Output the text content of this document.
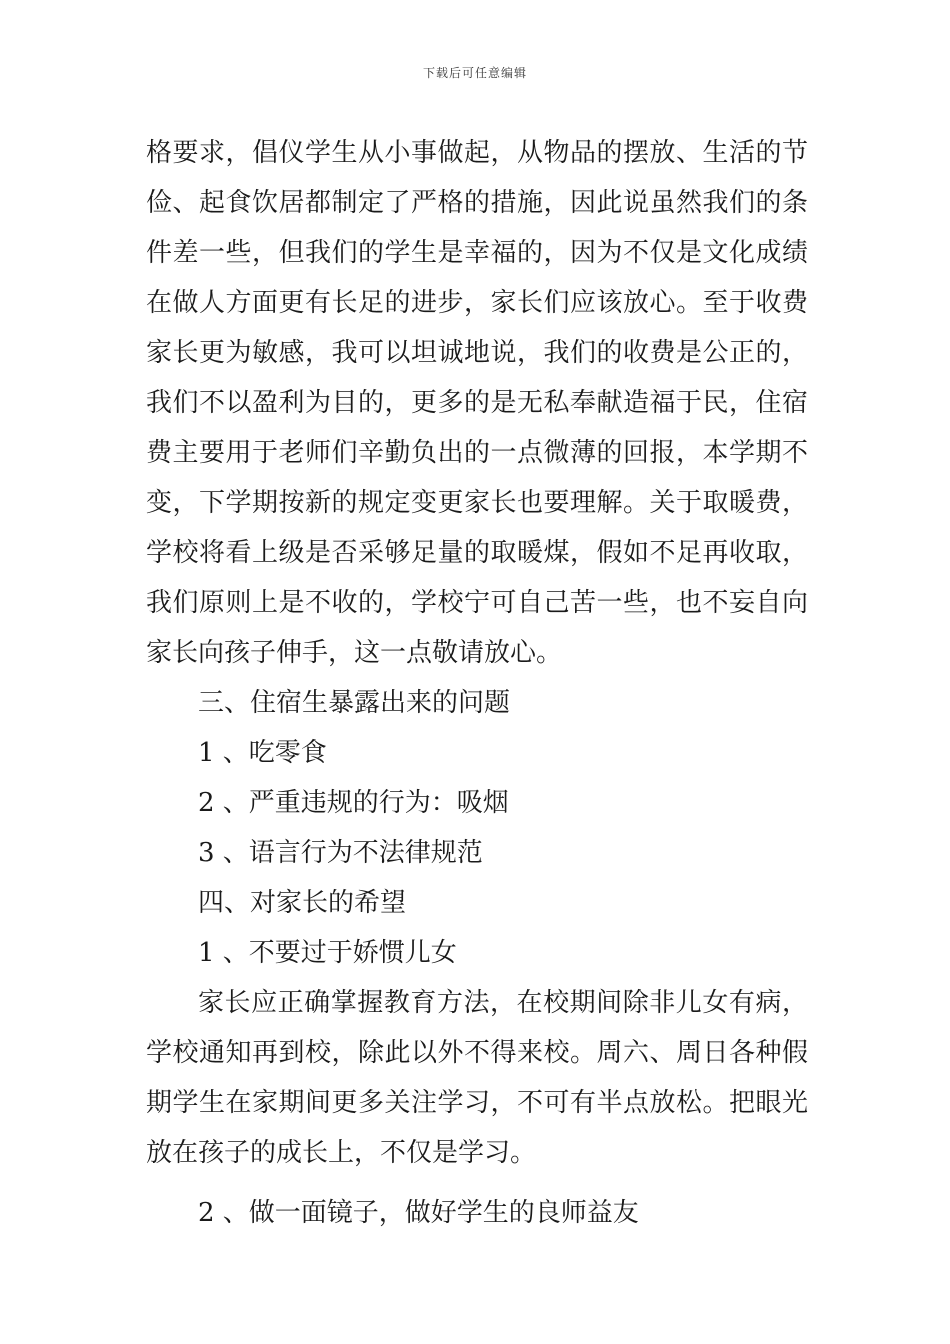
下载后可任意编辑
格要求，倡仪学生从小事做起，从物品的摆放、生活的节
俭、起食饮居都制定了严格的措施，因此说虽然我们的条
件差一些，但我们的学生是幸福的，因为不仅是文化成绩
在做人方面更有长足的进步，家长们应该放心。至于收费
家长更为敏感，我可以坦诚地说，我们的收费是公正的，
我们不以盈利为目的，更多的是无私奉献造福于民，住宿
费主要用于老师们辛勤负出的一点微薄的回报，本学期不
变，下学期按新的规定变更家长也要理解。关于取暖费，
学校将看上级是否采够足量的取暖煤，假如不足再收取，
我们原则上是不收的，学校宁可自己苦一些，也不妄自向
家长向孩子伸手，这一点敬请放心。
三、住宿生暴露出来的问题
1 、吃零食
2 、严重违规的行为：吸烟
3 、语言行为不法律规范
四、对家长的希望
1 、不要过于娇惯儿女
家长应正确掌握教育方法，在校期间除非儿女有病，
学校通知再到校，除此以外不得来校。周六、周日各种假
期学生在家期间更多关注学习，不可有半点放松。把眼光
放在孩子的成长上，不仅是学习。
2 、做一面镜子，做好学生的良师益友
